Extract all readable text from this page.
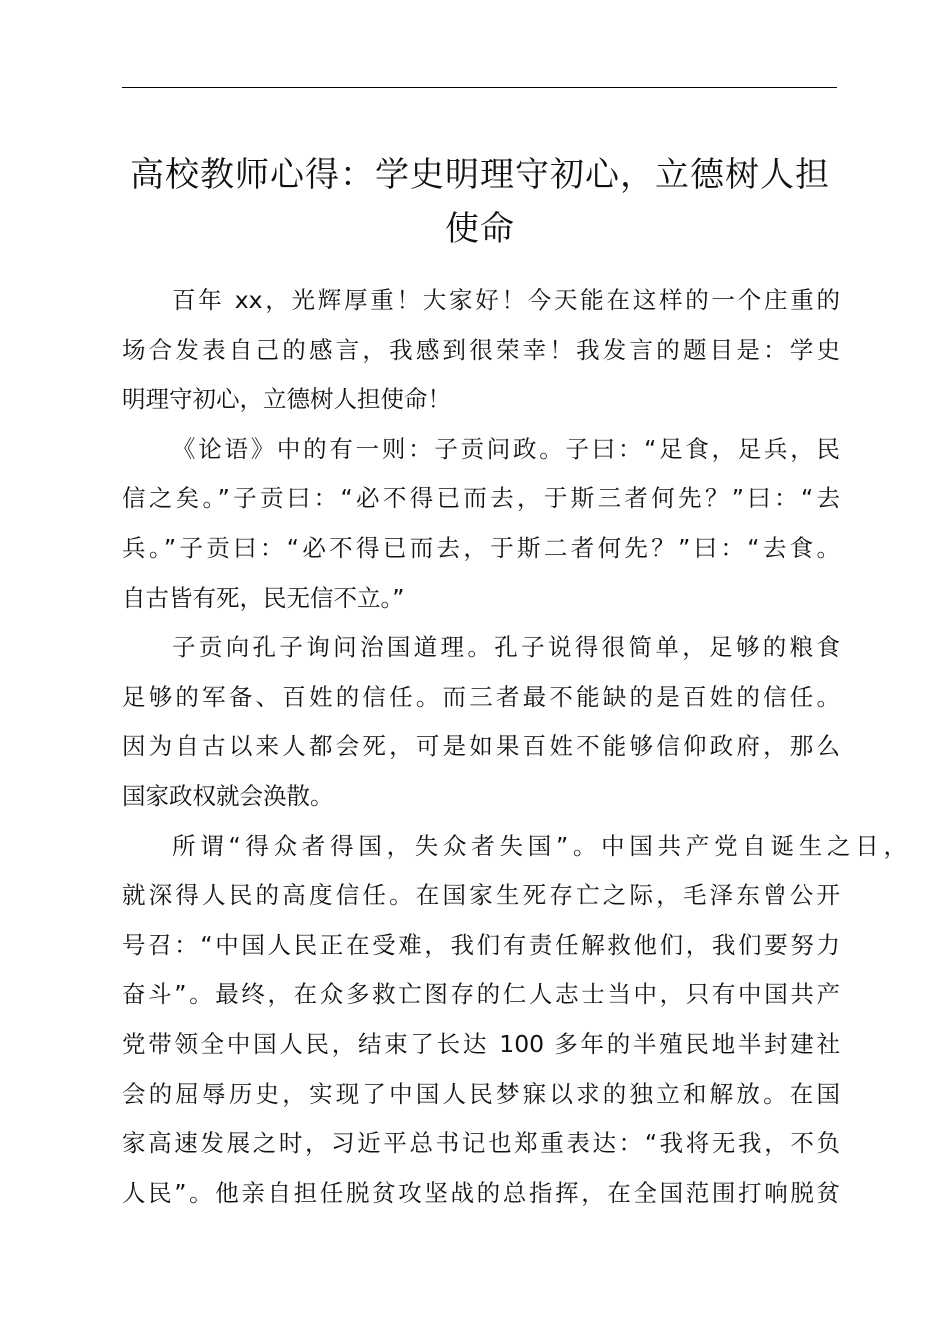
高校教师心得：学史明理守初心，立德树人担
使命
百年 xx，光辉厚重！大家好！今天能在这样的一个庄重的
场合发表自己的感言，我感到很荣幸！我发言的题目是：学史
明理守初心，立德树人担使命！
《论语》中的有一则：子贡问政。子曰：“足食，足兵，民
信之矣。”子贡曰：“必不得已而去，于斯三者何先？”曰：“去
兵。”子贡曰：“必不得已而去，于斯二者何先？”曰：“去食。
自古皆有死，民无信不立。”
子贡向孔子询问治国道理。孔子说得很简单，足够的粮食
足够的军备、百姓的信任。而三者最不能缺的是百姓的信任。
因为自古以来人都会死，可是如果百姓不能够信仰政府，那么
国家政权就会涣散。
所谓“得众者得国，失众者失国”。中国共产党自诞生之日，
就深得人民的高度信任。在国家生死存亡之际，毛泽东曾公开
号召：“中国人民正在受难，我们有责任解救他们，我们要努力
奋斗”。最终，在众多救亡图存的仁人志士当中，只有中国共产
党带领全中国人民，结束了长达 100 多年的半殖民地半封建社
会的屈辱历史，实现了中国人民梦寐以求的独立和解放。在国
家高速发展之时，习近平总书记也郑重表达：“我将无我，不负
人民”。他亲自担任脱贫攻坚战的总指挥，在全国范围打响脱贫
